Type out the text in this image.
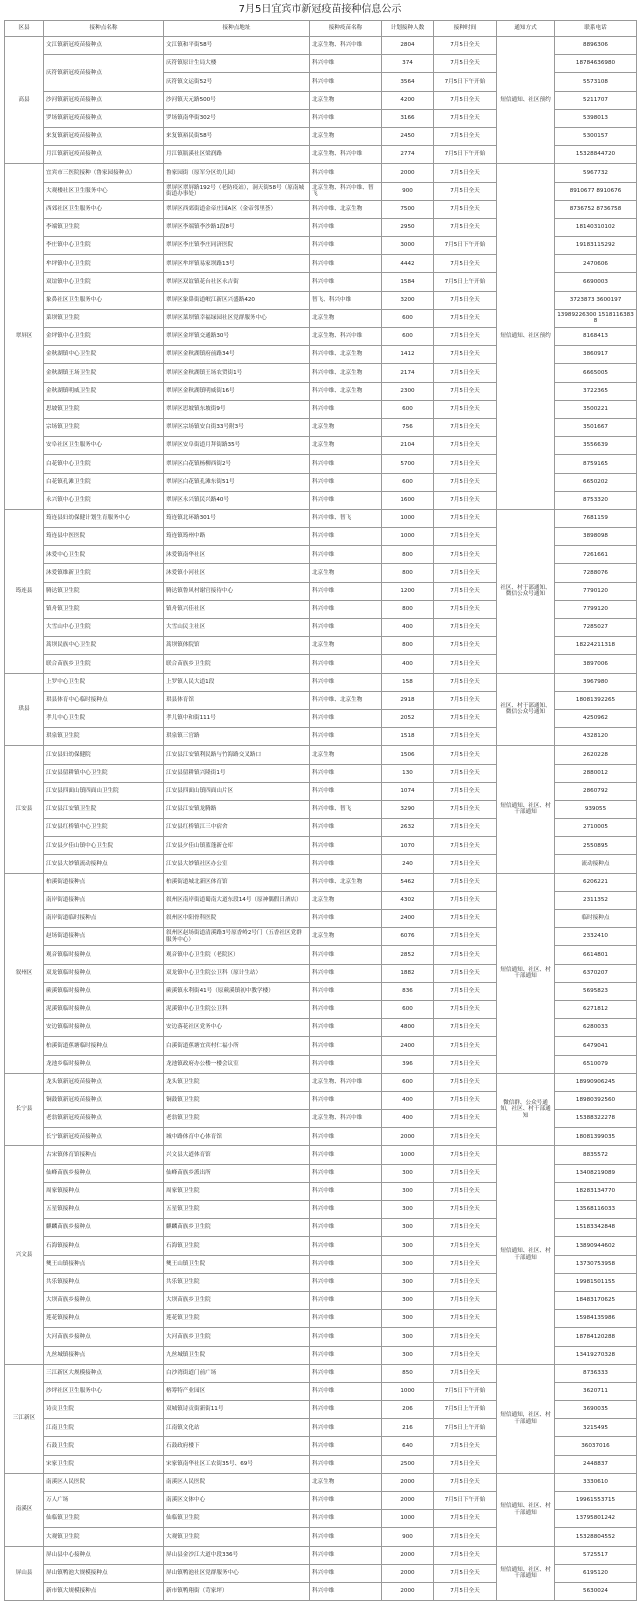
7月5日宜宾市新冠疫苗接种信息公示
区县	接种点名称	接种点地址	接种疫苗名称	计划接种人数	接种时间	通知方式	联系电话
高县	文江镇新冠疫苗接种点	文江镇和平街58号	北京生物、科兴中维	2804	7月5日全天	短信通知、社区预约	8896306
	庆符镇新冠疫苗接种点	庆符镇原计生局大楼	科兴中维	374	7月5日全天		18784636980
		庆符镇文运街52号	科兴中维	3564	7月5日下午开始		5573108
	沙河镇新冠疫苗接种点	沙河镇天元路500号	北京生物	4200	7月5日全天		5211707
	罗场镇新冠疫苗接种点	罗场镇南华街302号	科兴中维	3166	7月5日全天		5398013
	来复镇新冠疫苗接种点	来复镇裕民街58号	北京生物	2450	7月5日全天		5300157
	月江镇新冠疫苗接种点	月江镇瓶溪社区梁润路	北京生物、科兴中维	2774	7月5日下午开始		15328844720
翠屏区	宜宾市三医院接种（鲁家园接种点）	鲁家园街（原军分区幼儿园）	科兴中维	2000	7月5日全天	短信通知、社区预约	5967732
	大观楼社区卫生服务中心	翠屏区翠屏路192号（老防疫站），洞天街58号（原南城街道办事处）	北京生物、科兴中维、智飞	900	7月5日全天		8910677 8910676
	西郊社区卫生服务中心	翠屏区西郊街道金帝庄园A区（金帝邻里荟）	科兴中维、北京生物	7500	7月5日全天		8736752 8736758
	李端镇卫生院	翠屏区李端镇李沙路1段8号	科兴中维	2950	7月5日全天		18140310102
	李庄镇中心卫生院	翠屏区李庄镇李庄同济医院	科兴中维	3000	7月5日下午开始		19183115292
	牟坪镇中心卫生院	翠屏区牟坪镇易家坝路13号	科兴中维	4442	7月5日全天		2470606
	双谊镇中心卫生院	翠屏区双谊镇花台社区永吉街	科兴中维	1584	7月5日上午开始		6690003
	象鼻社区卫生服务中心	翠屏区象鼻街道岷江新区兴盛路420	智飞、科兴中维	3200	7月5日全天		3723873 3600197
	菜坝镇卫生院	翠屏区菜坝镇幸福绿园社区党群服务中心	北京生物	600	7月5日全天		13989226300 15181163838
	金坪镇中心卫生院	翠屏区金坪镇交通路30号	北京生物、科兴中维	600	7月5日全天		8168413
	金秋湖镇中心卫生院	翠屏区金秋湖镇府前路34号	科兴中维、北京生物	1412	7月5日全天		3860917
	金秋湖镇王场卫生院	翠屏区金秋湖镇王场农贸街1号	科兴中维、北京生物	2174	7月5日全天		6665005
	金秋湖镇明威卫生院	翠屏区金秋湖镇明威街16号	科兴中维、北京生物	2300	7月5日全天		3722365
	思坡镇卫生院	翠屏区思坡镇东坡街9号	科兴中维	600	7月5日全天		3500221
	宗场镇卫生院	翠屏区宗场镇安白街33号附3号	北京生物	756	7月5日全天		3501667
	安阜社区卫生服务中心	翠屏区安阜街道月拜街路35号	北京生物	2104	7月5日全天		3556639
	白花镇中心卫生院	翠屏区白花镇杨柳西街2号	科兴中维	5700	7月5日全天		8759165
	白花镇孔滩卫生院	翠屏区白花镇孔滩东街51号	科兴中维	600	7月5日全天		6650202
	永兴镇中心卫生院	翠屏区永兴镇民兴路40号	科兴中维	1600	7月5日全天		8753320
筠连县	筠连县妇幼保健计划生育服务中心	筠连镇北环路301号	科兴中维、智飞	1000	7月5日全天	社区、村干部通知、微信公众号通知	7681159
	筠连县中医医院	筠连镇筠州中路	科兴中维	1000	7月5日全天		3898098
	沐爱中心卫生院	沐爱镇南华社区	科兴中维	800	7月5日全天		7261661
	沐爱镇维新卫生院	沐爱镇小河社区	北京生物	800	7月5日全天		7288076
	腾达镇卫生院	腾达镇鲁风村谢官接待中心	科兴中维	1200	7月5日全天		7790120
	镇舟镇卫生院	镇舟镇兴佳社区	科兴中维	800	7月5日全天		7799120
	大雪山中心卫生院	大雪山民主社区	科兴中维	400	7月5日全天		7285027
	蒿坝民族中心卫生院	蒿坝镇体院馆	北京生物	800	7月5日全天		18224211318
	联合苗族乡卫生院	联合苗族乡卫生院	科兴中维	400	7月5日全天		3897006
珙县	上罗中心卫生院	上罗镇人民大道1段	科兴中维	158	7月5日全天	社区、村干部通知、微信公众号通知	3967980
	珙县体育中心临时接种点	珙县体育馆	科兴中维、北京生物	2918	7月5日全天		18081392265
	孝儿中心卫生院	孝儿镇中和街111号	科兴中维	2052	7月5日全天		4250962
	珙泉镇卫生院	珙泉镇三官路	科兴中维	1518	7月5日全天		4328120
江安县	江安县妇幼保健院	江安县江安镇利民路与竹海路交叉路口	北京生物	1506	7月5日全天	短信通知、社区、村干部通知	2620228
	江安县留耕镇中心卫生院	江安县留耕镇兴隆街1号	科兴中维	130	7月5日全天		2880012
	江安县四面山镇四面山卫生院	江安县四面山镇四面山片区	科兴中维	1074	7月5日全天		2860792
	江安县江安镇卫生院	江安县江安镇龙腾路	科兴中维、智飞	3290	7月5日全天		939055
	江安县红桥镇中心卫生院	江安县红桥镇江三中宿舍	科兴中维	2632	7月5日全天		2710005
	江安县夕佳山镇中心卫生院	江安县夕佳山镇蓝蓬新仓库	科兴中维	1070	7月5日全天		2550895
	江安县大妙镇流动接种点	江安县大妙镇社区办公室	科兴中维	240	7月5日全天		流动接种点
叙州区	柏溪街道接种点	柏溪街道城北新区体育馆	科兴中维、北京生物	5462	7月5日全天	短信通知、社区、村干部通知	6206221
	南岸街道接种点	叙州区南岸街道蜀南大道东段14号（原神偶假日酒店）	北京生物	4302	7月5日全天		2311352
	南岸街道临时接种点	叙州区中阳骨科医院	科兴中维	2400	7月5日全天		临时接种点
	赵场街道接种点	叙州区赵场街道清溪路3号原香岭2号门（五香社区党群服务中心）	北京生物	6076	7月5日全天		2332410
	观音镇临时接种点	观音镇中心卫生院（老院区）	科兴中维	2852	7月5日全天		6614801
	双龙镇临时接种点	双龙镇中心卫生院公卫科（原计生站）	科兴中维	1882	7月5日全天		6370207
	蕨溪镇临时接种点	蕨溪镇永利街41号（原蕨溪镇初中教学楼）	科兴中维	836	7月5日全天		5695823
	泥溪镇临时接种点	泥溪镇中心卫生院公卫科	科兴中维	600	7月5日全天		6271812
	安边镇临时接种点	安边落花社区党务中心	科兴中维	4800	7月5日全天		6280033
	柏溪街道蕉塘临时接种点	白溪街道蕉塘宜宾村仁福小所	科兴中维	2400	7月5日全天		6479041
	龙池乡临时接种点	龙池镇政府办公楼一楼会议室	科兴中维	396	7月5日全天		6510079
长宁县	龙头镇新冠疫苗接种点	龙头镇卫生院	北京生物、科兴中维	600	7月5日全天	微信群、公众号通知，社区、村干部通知	18990906245
	铜鼓镇新冠疫苗接种点	铜鼓镇卫生院	科兴中维	400	7月5日全天		18980392560
	老翁镇新冠疫苗接种点	老翁镇卫生院	北京生物、科兴中维	400	7月5日全天		15388322278
	长宁镇新冠疫苗接种点	城中路体育中心体育馆	科兴中维	2000	7月5日全天		18081399035
兴文县	古宋镇体育馆接种点	兴文县大道体育馆	科兴中维	1000	7月5日全天	短信通知、社区、村干部通知	8835572
	仙峰苗族乡接种点	仙峰苗族乡派出所	科兴中维	300	7月5日全天		13408219089
	周家镇接种点	周家镇卫生院	科兴中维	300	7月5日全天		18283134770
	五星镇接种点	五星镇卫生院	科兴中维	300	7月5日全天		13568116033
	麒麟苗族乡接种点	麒麟苗族乡卫生院	科兴中维	300	7月5日全天		15183342848
	石海镇接种点	石海镇卫生院	科兴中维	300	7月5日全天		13890944602
	僰王山镇接种点	僰王山镇卫生院	科兴中维	300	7月5日全天		13730753958
	共乐镇接种点	共乐镇卫生院	科兴中维	300	7月5日全天		19981501155
	大坝苗族乡接种点	大坝苗族乡卫生院	科兴中维	300	7月5日全天		18483170625
	莲花镇接种点	莲花镇卫生院	科兴中维	300	7月5日全天		15984135986
	大河苗族乡接种点	大河苗族乡卫生院	科兴中维	300	7月5日全天		18784120288
	九丝城镇接种点	九丝城镇卫生院	科兴中维	300	7月5日全天		13419270328
三江新区	三江新区大规模接种点	白沙湾街道门前广场	科兴中维	850	7月5日全天	短信通知，社区、村干部通知	8736333
	沙坪社区卫生服务中心	榕筹特产业园区	科兴中维	1000	7月5日下午开始		3620711
	诗贡卫生院	双城镇诗贡街新街11号	科兴中维	206	7月5日上午开始		3690035
	江南卫生院	江南镇文化站	科兴中维	216	7月5日上午开始		3215495
	石鼓卫生院	石鼓政府楼下	科兴中维	640	7月5日全天		36037016
	宋家卫生院	宋家镇南华社区工农街35号、69号	科兴中维	2500	7月5日全天		2448837
南溪区	南溪区人民医院	南溪区人民医院	北京生物	2000	7月5日全天	短信通知、社区、村干部通知	3330610
	万人广场	南溪区文体中心	科兴中维	2000	7月5日下午开始		19961553715
	仙临镇卫生院	仙临镇卫生院	科兴中维	1000	7月5日全天		13795801242
	大观镇卫生院	大观镇卫生院	科兴中维	900	7月5日全天		15328804552
屏山县	屏山县中心接种点	屏山县金沙江大道中段336号	科兴中维	2000	7月5日全天	短信通知、社区、村干部通知	5725517
	屏山镇鸭池大规模接种点	屏山镇鸭池社区党群服务中心	科兴中维	2000	7月5日全天		6195120
	新市镇大规模接种点	新市镇鸭翔街（苛家坪）	科兴中维	2000	7月5日全天		5630024
